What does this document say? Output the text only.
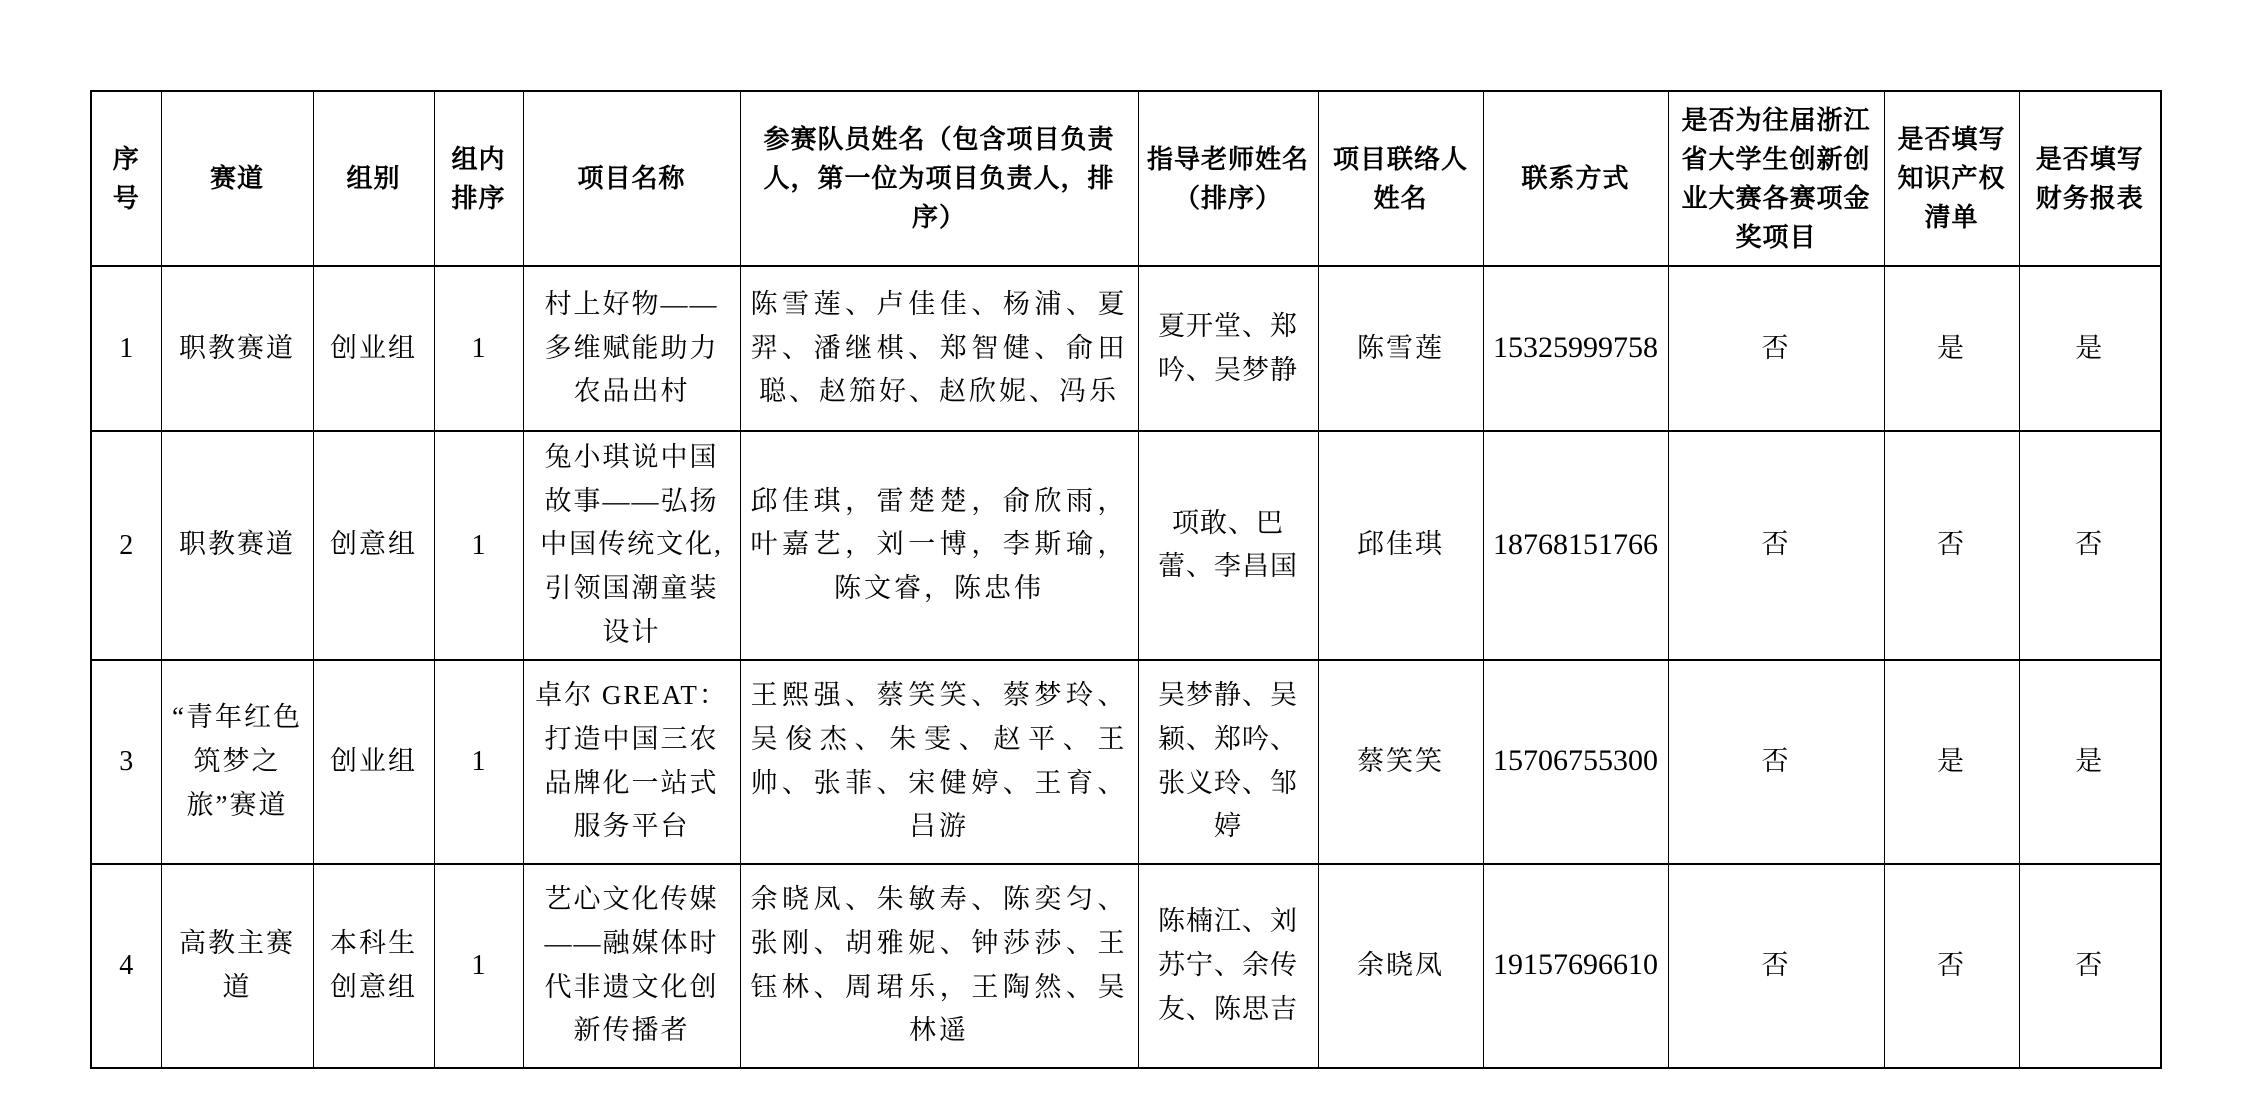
序号	赛道	组别	组内排序	项目名称	参赛队员姓名（包含项目负责人，第一位为项目负责人，排序）	指导老师姓名（排序）	项目联络人姓名	联系方式	是否为往届浙江省大学生创新创业大赛各赛项金奖项目	是否填写知识产权清单	是否填写财务报表
1	职教赛道	创业组	1	村上好物——多维赋能助力农品出村	陈雪莲、卢佳佳、杨浦、夏羿、潘继棋、郑智健、俞田聪、赵笳好、赵欣妮、冯乐	夏开堂、郑吟、吴梦静	陈雪莲	15325999758	否	是	是
2	职教赛道	创意组	1	兔小琪说中国故事——弘扬中国传统文化,引领国潮童装设计	邱佳琪，雷楚楚，俞欣雨，叶嘉艺，刘一博，李斯瑜，陈文睿，陈忠伟	项敢、巴蕾、李昌国	邱佳琪	18768151766	否	否	否
3	“青年红色筑梦之旅”赛道	创业组	1	卓尔 GREAT： 打造中国三农品牌化一站式服务平台	王熙强、蔡笑笑、蔡梦玲、吴俊杰、朱雯、赵平、王帅、张菲、宋健婷、王育、吕游	吴梦静、吴颖、郑吟、张义玲、邹婷	蔡笑笑	15706755300	否	是	是
4	高教主赛道	本科生创意组	1	艺心文化传媒——融媒体时代非遗文化创新传播者	余晓凤、朱敏寿、陈奕匀、张刚、胡雅妮、钟莎莎、王钰林、周珺乐，王陶然、吴林遥	陈楠江、刘苏宁、余传友、陈思吉	余晓凤	19157696610	否	否	否
